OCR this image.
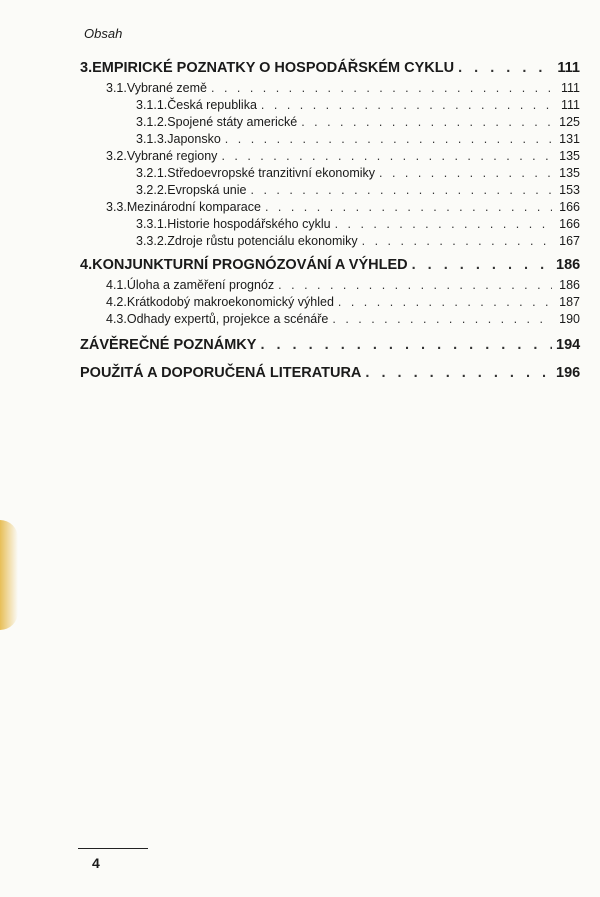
Obsah
3. EMPIRICKÉ POZNATKY O HOSPODÁŘSKÉM CYKLU . . .	111
3.1. Vybrané země . . .	111
3.1.1. Česká republika . . .	111
3.1.2. Spojené státy americké . . .	125
3.1.3. Japonsko . . .	131
3.2. Vybrané regiony . . .	135
3.2.1. Středoevropské tranzitivní ekonomiky . . .	135
3.2.2. Evropská unie . . .	153
3.3. Mezinárodní komparace . . .	166
3.3.1. Historie hospodářského cyklu . . .	166
3.3.2. Zdroje růstu potenciálu ekonomiky . . .	167
4. KONJUNKTURNÍ PROGNÓZOVÁNÍ A VÝHLED . . .	186
4.1. Úloha a zaměření prognóz . . .	186
4.2. Krátkodobý makroekonomický výhled . . .	187
4.3. Odhady expertů, projekce a scénáře . . .	190
ZÁVĚREČNÉ POZNÁMKY . . .	194
POUŽITÁ A DOPORUČENÁ LITERATURA . . .	196
4
